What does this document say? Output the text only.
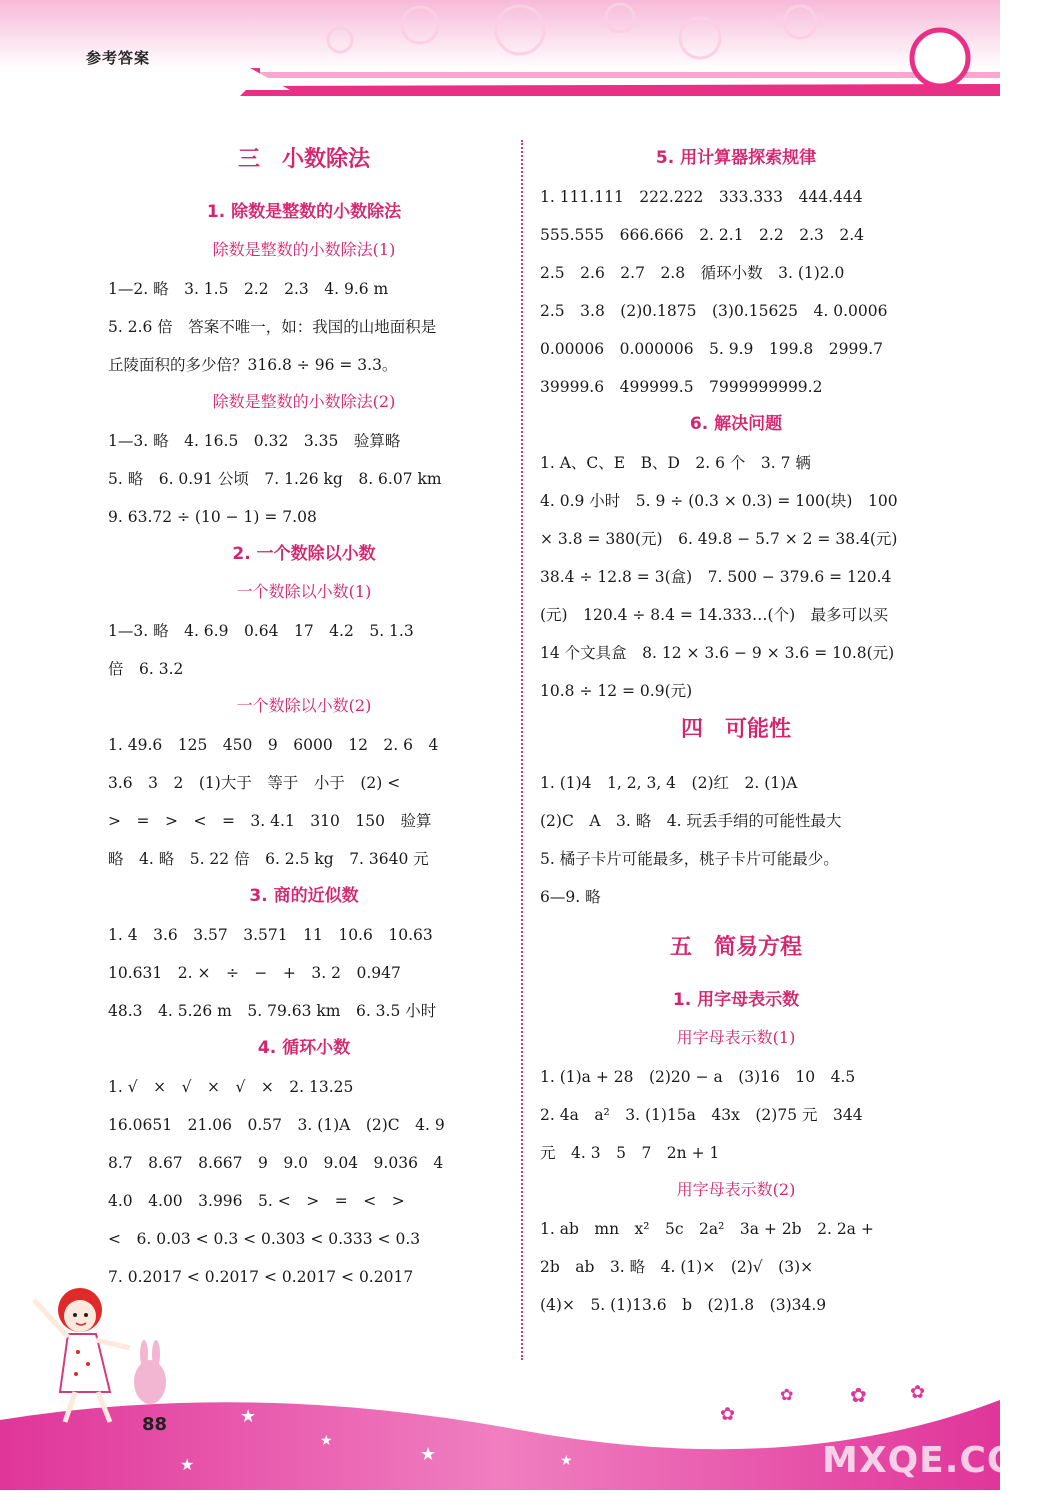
参考答案
三　小数除法
1. 除数是整数的小数除法
除数是整数的小数除法(1)
1—2. 略　3. 1.5　2.2　2.3　4. 9.6 m
5. 2.6 倍　答案不唯一，如：我国的山地面积是
丘陵面积的多少倍？316.8 ÷ 96 = 3.3。
除数是整数的小数除法(2)
1—3. 略　4. 16.5　0.32　3.35　验算略
5. 略　6. 0.91 公顷　7. 1.26 kg　8. 6.07 km
9. 63.72 ÷ (10 − 1) = 7.08
2. 一个数除以小数
一个数除以小数(1)
1—3. 略　4. 6.9　0.64　17　4.2　5. 1.3
倍　6. 3.2
一个数除以小数(2)
1. 49.6　125　450　9　6000　12　2. 6　4
3.6　3　2　(1)大于　等于　小于　(2) <
>　=　>　<　=　3. 4.1　310　150　验算
略　4. 略　5. 22 倍　6. 2.5 kg　7. 3640 元
3. 商的近似数
1. 4　3.6　3.57　3.571　11　10.6　10.63
10.631　2. ×　÷　−　+　3. 2　0.947
48.3　4. 5.26 m　5. 79.63 km　6. 3.5 小时
4. 循环小数
1. √　×　√　×　√　×　2. 13.25
16.0651　21.06　0.57　3. (1)A　(2)C　4. 9
8.7　8.67　8.667　9　9.0　9.04　9.036　4
4.0　4.00　3.996　5. <　>　=　<　>
<　6. 0.03 < 0.3 < 0.303 < 0.333 < 0.3
7. 0.2017 < 0.2017 < 0.2017 < 0.2017
5. 用计算器探索规律
1. 111.111　222.222　333.333　444.444
555.555　666.666　2. 2.1　2.2　2.3　2.4
2.5　2.6　2.7　2.8　循环小数　3. (1)2.0
2.5　3.8　(2)0.1875　(3)0.15625　4. 0.0006
0.00006　0.000006　5. 9.9　199.8　2999.7
39999.6　499999.5　7999999999.2
6. 解决问题
1. A、C、E　B、D　2. 6 个　3. 7 辆
4. 0.9 小时　5. 9 ÷ (0.3 × 0.3) = 100(块)　100
× 3.8 = 380(元)　6. 49.8 − 5.7 × 2 = 38.4(元)
38.4 ÷ 12.8 = 3(盒)　7. 500 − 379.6 = 120.4
(元)　120.4 ÷ 8.4 = 14.333…(个)　最多可以买
14 个文具盒　8. 12 × 3.6 − 9 × 3.6 = 10.8(元)
10.8 ÷ 12 = 0.9(元)
四　可能性
1. (1)4　1, 2, 3, 4　(2)红　2. (1)A
(2)C　A　3. 略　4. 玩丢手绢的可能性最大
5. 橘子卡片可能最多，桃子卡片可能最少。
6—9. 略
五　简易方程
1. 用字母表示数
用字母表示数(1)
1. (1)a + 28　(2)20 − a　(3)16　10　4.5
2. 4a　a²　3. (1)15a　43x　(2)75 元　344
元　4. 3　5　7　2n + 1
用字母表示数(2)
1. ab　mn　x²　5c　2a²　3a + 2b　2. 2a +
2b　ab　3. 略　4. (1)×　(2)√　(3)×
(4)×　5. (1)13.6　b　(2)1.8　(3)34.9
★
★
★	★
★
✿
✿	✿ ✿
88
MXQE.COM
